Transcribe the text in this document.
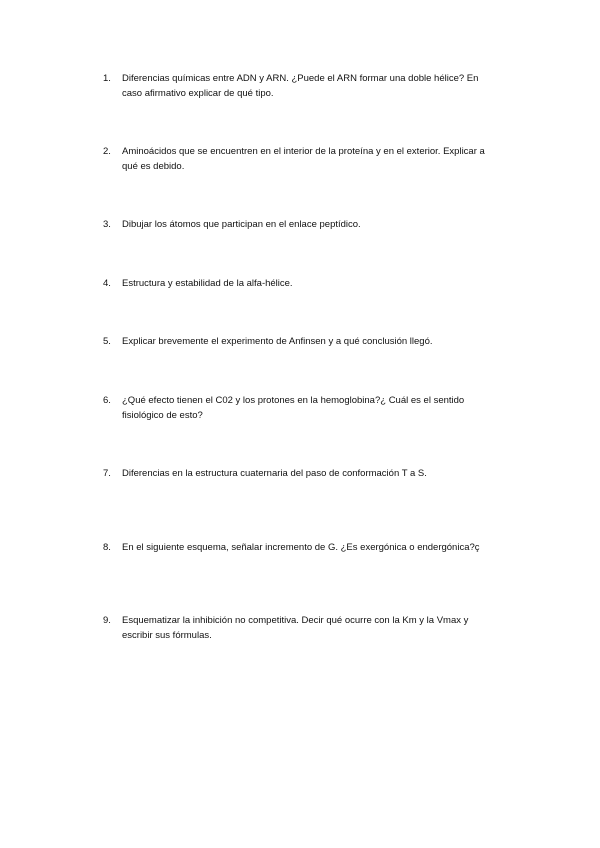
1.	Diferencias químicas entre ADN y ARN. ¿Puede el ARN formar una doble hélice? En
caso afirmativo explicar de qué tipo.
2.	Aminoácidos que se encuentren en el interior de la proteína y en el exterior. Explicar a
qué es debido.
3.	Dibujar los átomos que participan en el enlace peptídico.
4.	Estructura y estabilidad de la alfa-hélice.
5.	Explicar brevemente el experimento de Anfinsen y a qué conclusión llegó.
6.	¿Qué efecto tienen el C02 y los protones en la hemoglobina?¿ Cuál es el sentido
fisiológico de esto?
7.	Diferencias en la estructura cuaternaria del paso de conformación T a S.
8.	En el siguiente esquema, señalar incremento de G. ¿Es exergónica o endergónica?ç
9.	Esquematizar la inhibición no competitiva. Decir qué ocurre con la Km y la Vmax y
escribir sus fórmulas.
